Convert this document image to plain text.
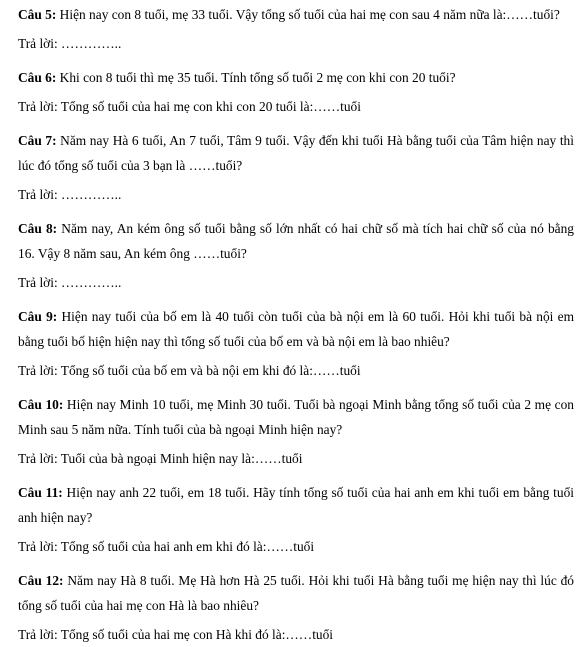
Câu 5: Hiện nay con 8 tuổi, mẹ 33 tuổi. Vậy tổng số tuổi của hai mẹ con sau 4 năm nữa là:……tuổi?

Trả lời: …………..

Câu 6: Khi con 8 tuổi thì mẹ 35 tuổi. Tính tổng số tuổi 2 mẹ con khi con 20 tuổi?

Trả lời: Tổng số tuổi của hai mẹ con khi con 20 tuổi là:……tuổi

Câu 7: Năm nay Hà 6 tuổi, An 7 tuổi, Tâm 9 tuổi. Vậy đến khi tuổi Hà bằng tuổi của Tâm hiện nay thì lúc đó tổng số tuổi của 3 bạn là ……tuổi?

Trả lời: …………..

Câu 8: Năm nay, An kém ông số tuổi bằng số lớn nhất có hai chữ số mà tích hai chữ số của nó bằng 16. Vậy 8 năm sau, An kém ông ……tuổi?

Trả lời: …………..

Câu 9: Hiện nay tuổi của bố em là 40 tuổi còn tuổi của bà nội em là 60 tuổi. Hỏi khi tuổi bà nội em bằng tuổi bố hiện hiện nay thì tổng số tuổi của bố em và bà nội em là bao nhiêu?

Trả lời: Tổng số tuổi của bố em và bà nội em khi đó là:……tuổi

Câu 10: Hiện nay Minh 10 tuổi, mẹ Minh 30 tuổi. Tuổi bà ngoại Minh bằng tổng số tuổi của 2 mẹ con Minh sau 5 năm nữa. Tính tuổi của bà ngoại Minh hiện nay?

Trả lời: Tuổi của bà ngoại Minh hiện nay là:……tuổi

Câu 11: Hiện nay anh 22 tuổi, em 18 tuổi. Hãy tính tổng số tuổi của hai anh em khi tuổi em bằng tuổi anh hiện nay?

Trả lời: Tổng số tuổi của hai anh em khi đó là:……tuổi

Câu 12: Năm nay Hà 8 tuổi. Mẹ Hà hơn Hà 25 tuổi. Hỏi khi tuổi Hà bằng tuổi mẹ hiện nay thì lúc đó tổng số tuổi của hai mẹ con Hà là bao nhiêu?

Trả lời: Tổng số tuổi của hai mẹ con Hà khi đó là:……tuổi
